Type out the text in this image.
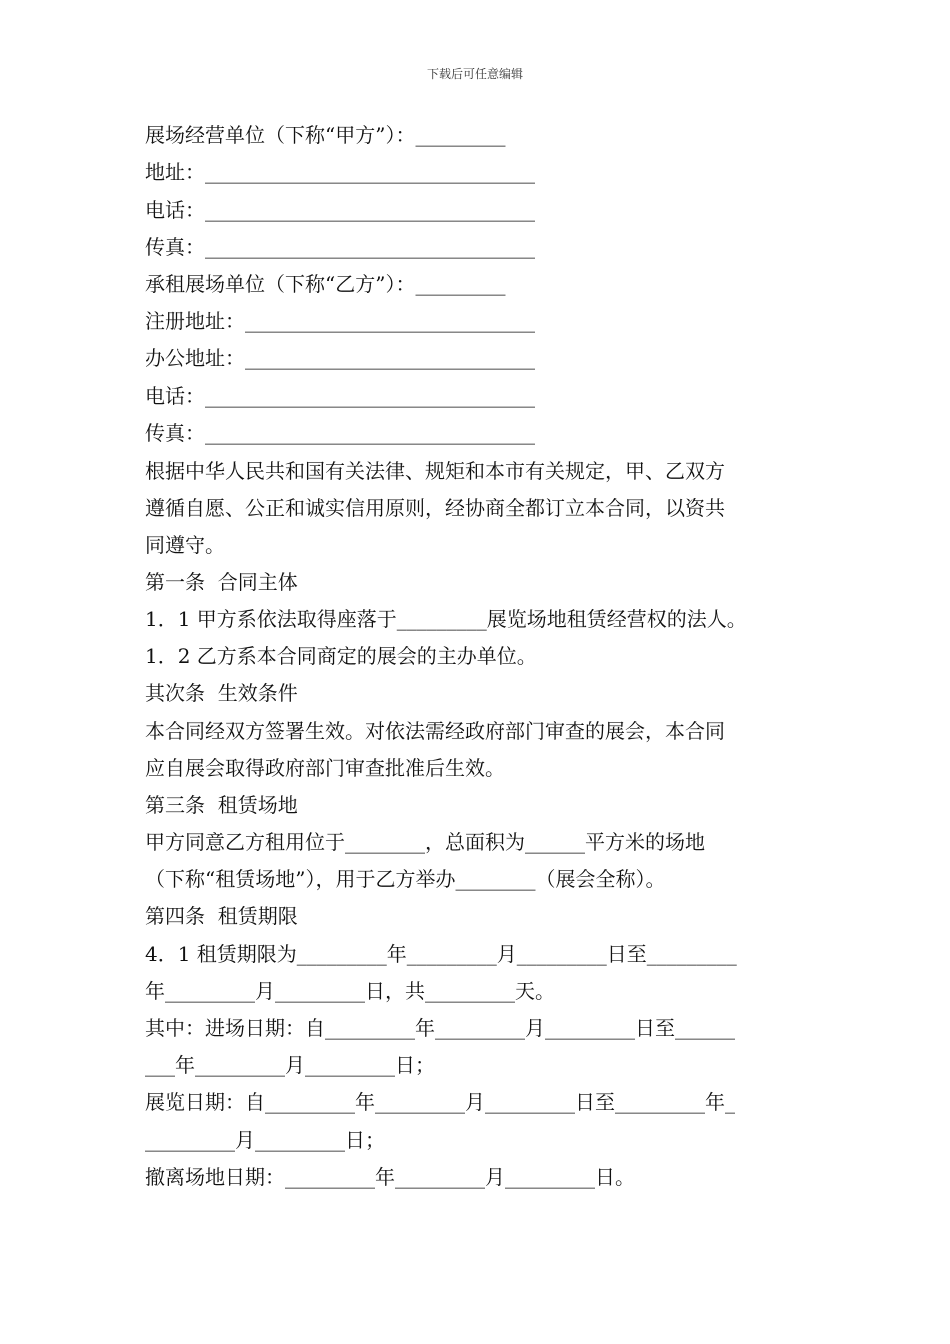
下载后可任意编辑
展场经营单位（下称“甲方”）：_________
地址：_________________________________
电话：_________________________________
传真：_________________________________
承租展场单位（下称“乙方”）：_________
注册地址：_____________________________
办公地址：_____________________________
电话：_________________________________
传真：_________________________________
根据中华人民共和国有关法律、规矩和本市有关规定，甲、乙双方
遵循自愿、公正和诚实信用原则，经协商全都订立本合同，以资共
同遵守。
第一条  合同主体
1．1 甲方系依法取得座落于_________展览场地租赁经营权的法人。
1．2 乙方系本合同商定的展会的主办单位。
其次条  生效条件
本合同经双方签署生效。对依法需经政府部门审查的展会，本合同
应自展会取得政府部门审查批准后生效。
第三条  租赁场地
甲方同意乙方租用位于________，总面积为______平方米的场地
（下称“租赁场地”），用于乙方举办________（展会全称）。
第四条  租赁期限
4．1 租赁期限为_________年_________月_________日至_________
年_________月_________日，共_________天。
其中：进场日期：自_________年_________月_________日至______
___年_________月_________日；
展览日期：自_________年_________月_________日至_________年_
_________月_________日；
撤离场地日期：_________年_________月_________日。
